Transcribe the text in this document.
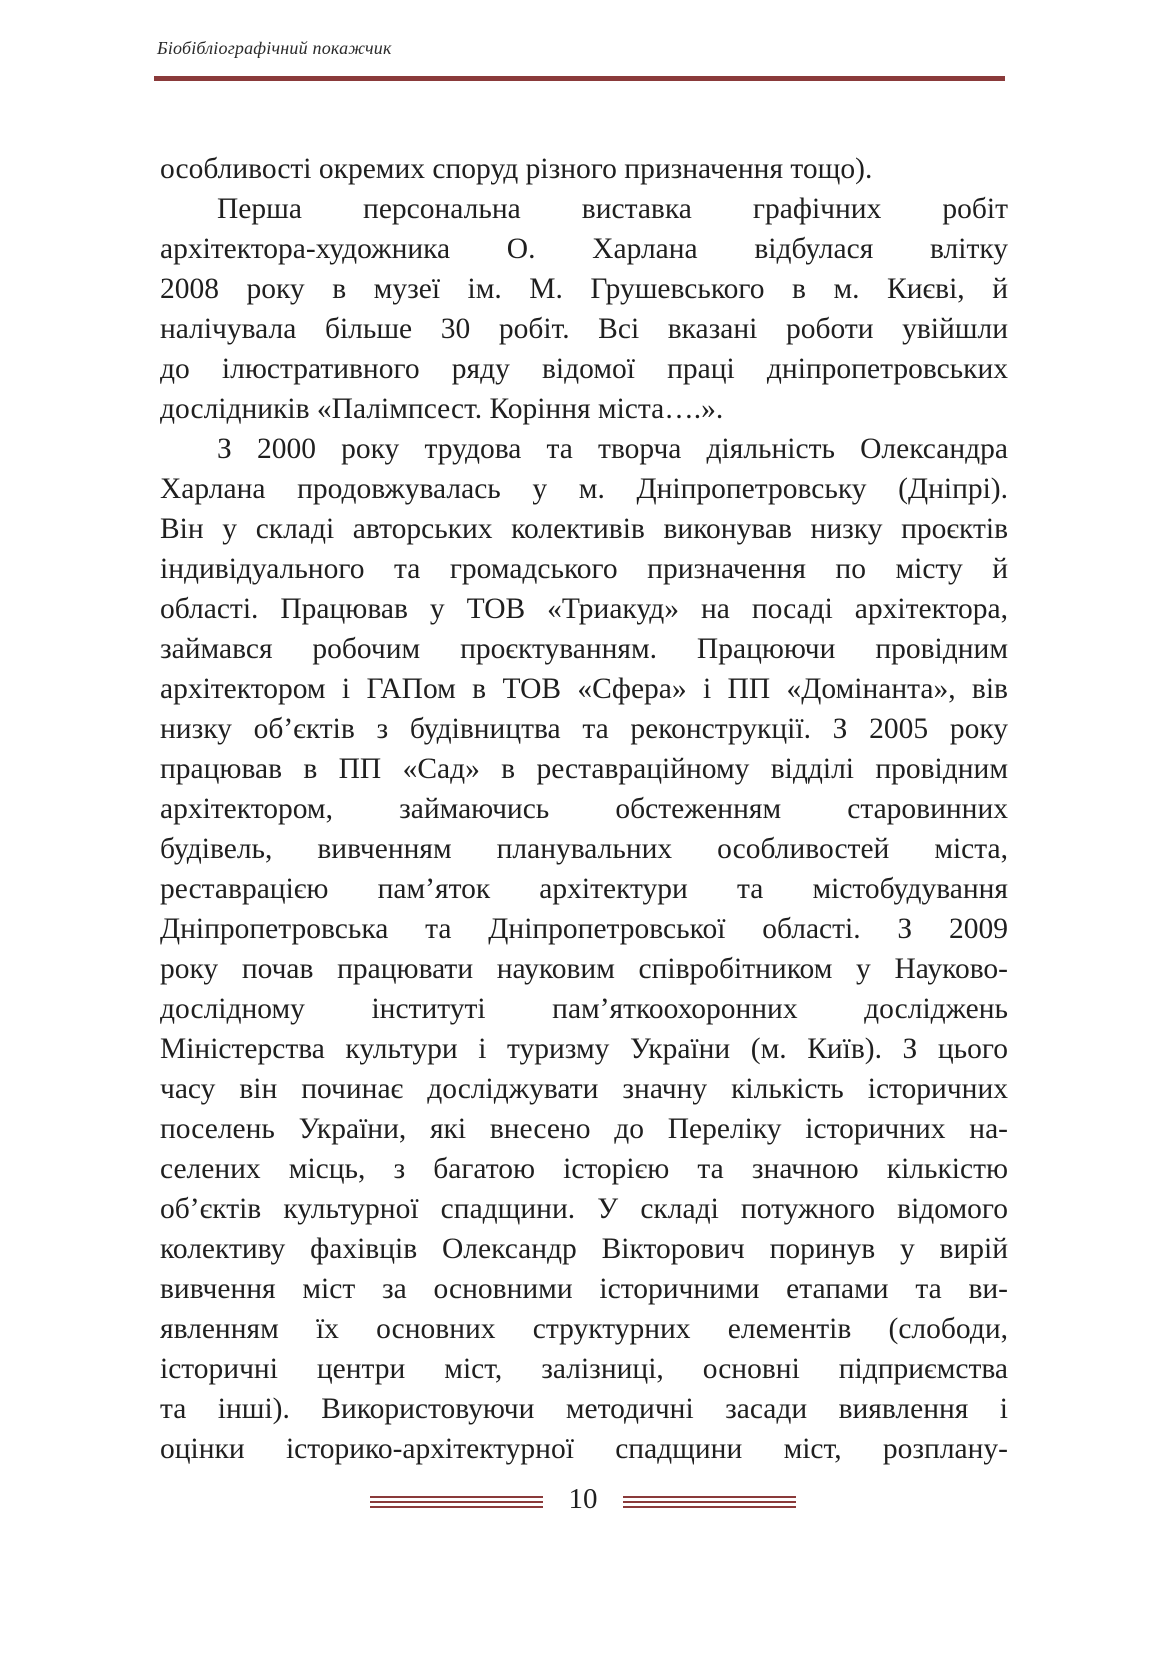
Біобібліографічний покажчик
особливості окремих споруд різного призначення тощо).
Перша персональна виставка графічних робіт
архітектора-художника О. Харлана відбулася влітку
2008 року в музеї ім. М. Грушевського в м. Києві, й
налічувала більше 30 робіт. Всі вказані роботи увійшли
до ілюстративного ряду відомої праці дніпропетровських
дослідників «Палімпсест. Коріння міста….».
З 2000 року трудова та творча діяльність Олександра
Харлана продовжувалась у м. Дніпропетровську (Дніпрі).
Він у складі авторських колективів виконував низку проєктів
індивідуального та громадського призначення по місту й
області. Працював у ТОВ «Триакуд» на посаді архітектора,
займався робочим проєктуванням. Працюючи провідним
архітектором і ГАПом в ТОВ «Сфера» і ПП «Домінанта», вів
низку об’єктів з будівництва та реконструкції. З 2005 року
працював в ПП «Сад» в реставраційному відділі провідним
архітектором, займаючись обстеженням старовинних
будівель, вивченням планувальних особливостей міста,
реставрацією пам’яток архітектури та містобудування
Дніпропетровська та Дніпропетровської області. З 2009
року почав працювати науковим співробітником у Науково-
дослідному інституті пам’яткоохоронних досліджень
Міністерства культури і туризму України (м. Київ). З цього
часу він починає досліджувати значну кількість історичних
поселень України, які внесено до Переліку історичних на-
селених місць, з багатою історією та значною кількістю
об’єктів культурної спадщини. У складі потужного відомого
колективу фахівців Олександр Вікторович поринув у вирій
вивчення міст за основними історичними етапами та ви-
явленням їх основних структурних елементів (слободи,
історичні центри міст, залізниці, основні підприємства
та інші). Використовуючи методичні засади виявлення і
оцінки історико-архітектурної спадщини міст, розплану-
10
